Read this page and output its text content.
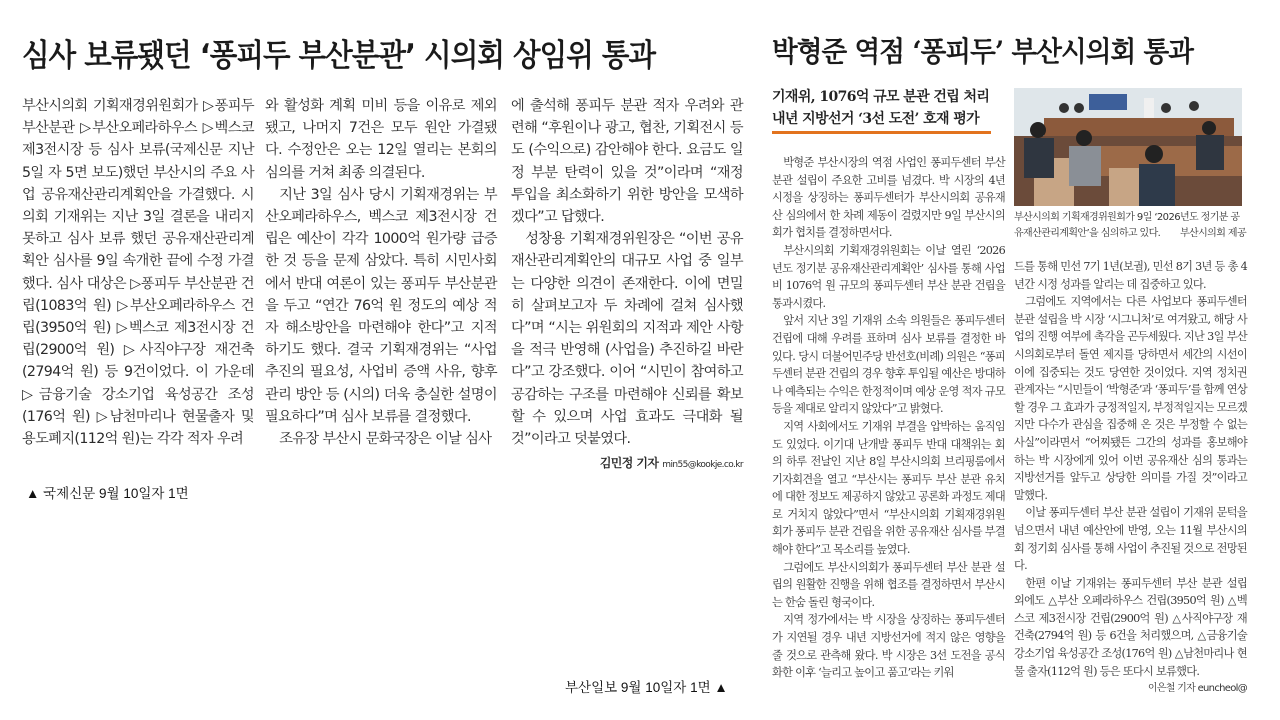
심사 보류됐던 ‘퐁피두 부산분관’ 시의회 상임위 통과

부산시의회 기획재경위원회가 ▷퐁피두 부산분관 ▷부산오페라하우스 ▷벡스코 제3전시장 등 심사 보류(국제신문 지난 5일 자 5면 보도)했던 부산시의 주요 사업 공유재산관리계획안을 가결했다. 시의회 기재위는 지난 3일 결론을 내리지 못하고 심사 보류 했던 공유재산관리계획안 심사를 9일 속개한 끝에 수정 가결했다. 심사 대상은 ▷퐁피두 부산분관 건립(1083억 원) ▷부산오페라하우스 건립(3950억 원) ▷벡스코 제3전시장 건립(2900억 원) ▷사직야구장 재건축(2794억 원) 등 9건이었다. 이 가운데 ▷금융기술 강소기업 육성공간 조성(176억 원) ▷남천마리나 현물출자 및 용도폐지(112억 원)는 각각 적자 우려

와 활성화 계획 미비 등을 이유로 제외됐고, 나머지 7건은 모두 원안 가결됐다. 수정안은 오는 12일 열리는 본회의 심의를 거쳐 최종 의결된다.

지난 3일 심사 당시 기획재경위는 부산오페라하우스, 벡스코 제3전시장 건립은 예산이 각각 1000억 원가량 급증한 것 등을 문제 삼았다. 특히 시민사회에서 반대 여론이 있는 퐁피두 부산분관을 두고 “연간 76억 원 정도의 예상 적자 해소방안을 마련해야 한다”고 지적하기도 했다. 결국 기획재경위는 “사업 추진의 필요성, 사업비 증액 사유, 향후 관리 방안 등 (시의) 더욱 충실한 설명이 필요하다”며 심사 보류를 결정했다.

조유장 부산시 문화국장은 이날 심사

에 출석해 퐁피두 분관 적자 우려와 관련해 “후원이나 광고, 협찬, 기획전시 등도 (수익으로) 감안해야 한다. 요금도 일정 부분 탄력이 있을 것”이라며 “재정 투입을 최소화하기 위한 방안을 모색하겠다”고 답했다.

성창용 기획재경위원장은 “이번 공유재산관리계획안의 대규모 사업 중 일부는 다양한 의견이 존재한다. 이에 면밀히 살펴보고자 두 차례에 걸쳐 심사했다”며 “시는 위원회의 지적과 제안 사항을 적극 반영해 (사업을) 추진하길 바란다”고 강조했다. 이어 “시민이 참여하고 공감하는 구조를 마련해야 신뢰를 확보할 수 있으며 사업 효과도 극대화 될 것”이라고 덧붙였다.
김민정 기자 min55@kookje.co.kr

▲ 국제신문 9월 10일자 1면
박형준 역점 ‘퐁피두’ 부산시의회 통과
기재위, 1076억 규모 분관 건립 처리
내년 지방선거 ‘3선 도전’ 호재 평가
부산시의회 기획재경위원회가 9일 ‘2026년도 정기분 공유재산관리계획안’을 심의하고 있다. 부산시의회 제공

박형준 부산시장의 역점 사업인 퐁피두센터 부산 분관 설립이 주요한 고비를 넘겼다. 박 시장의 4년 시정을 상징하는 퐁피두센터가 부산시의회 공유재산 심의에서 한 차례 제동이 걸렸지만 9일 부산시의회가 협치를 결정하면서다.

부산시의회 기획재경위원회는 이날 열린 ‘2026년도 정기분 공유재산관리계획안’ 심사를 통해 사업비 1076억 원 규모의 퐁피두센터 부산 분관 건립을 통과시켰다.

앞서 지난 3일 기재위 소속 의원들은 퐁피두센터 건립에 대해 우려를 표하며 심사 보류를 결정한 바 있다. 당시 더불어민주당 반선호(비례) 의원은 “퐁피두센터 분관 건립의 경우 향후 투입될 예산은 방대하나 예측되는 수익은 한정적이며 예상 운영 적자 규모 등을 제대로 알리지 않았다”고 밝혔다.

지역 사회에서도 기재위 부결을 압박하는 움직임도 있었다. 이기대 난개발 퐁피두 반대 대책위는 회의 하루 전날인 지난 8일 부산시의회 브리핑룸에서 기자회견을 열고 “부산시는 퐁피두 부산 분관 유치에 대한 정보도 제공하지 않았고 공론화 과정도 제대로 거치지 않았다”면서 “부산시의회 기획재경위원회가 퐁피두 분관 건립을 위한 공유재산 심사를 부결해야 한다”고 목소리를 높였다.

그럼에도 부산시의회가 퐁피두센터 부산 분관 설립의 원활한 진행을 위해 협조를 결정하면서 부산시는 한숨 돌린 형국이다.

지역 정가에서는 박 시장을 상징하는 퐁피두센터가 지연될 경우 내년 지방선거에 적지 않은 영향을 줄 것으로 관측해 왔다. 박 시장은 3선 도전을 공식화한 이후 ‘늘리고 높이고 품고’라는 키워

드를 통해 민선 7기 1년(보궐), 민선 8기 3년 등 총 4년간 시정 성과를 알리는 데 집중하고 있다.

그럼에도 지역에서는 다른 사업보다 퐁피두센터 분관 설립을 박 시장 ‘시그니처’로 여겨왔고, 해당 사업의 진행 여부에 촉각을 곤두세웠다. 지난 3일 부산시의회로부터 돌연 제지를 당하면서 세간의 시선이 이에 집중되는 것도 당연한 것이었다. 지역 정치권 관계자는 “시민들이 ‘박형준’과 ‘퐁피두’를 함께 연상할 경우 그 효과가 긍정적일지, 부정적일지는 모르겠지만 다수가 관심을 집중해 온 것은 부정할 수 없는 사실”이라면서 “어찌됐든 그간의 성과를 홍보해야 하는 박 시장에게 있어 이번 공유재산 심의 통과는 지방선거를 앞두고 상당한 의미를 가질 것”이라고 말했다.

이날 퐁피두센터 부산 분관 설립이 기재위 문턱을 넘으면서 내년 예산안에 반영, 오는 11월 부산시의회 정기회 심사를 통해 사업이 추진될 것으로 전망된다.

한편 이날 기재위는 퐁피두센터 부산 분관 설립 외에도 △부산 오페라하우스 건립(3950억 원) △벡스코 제3전시장 건립(2900억 원) △사직야구장 재건축(2794억 원) 등 6건을 처리했으며, △금융기술 강소기업 육성공간 조성(176억 원) △남천마리나 현물 출자(112억 원) 등은 또다시 보류했다.
이은철 기자 euncheol@

부산일보 9월 10일자 1면 ▲
